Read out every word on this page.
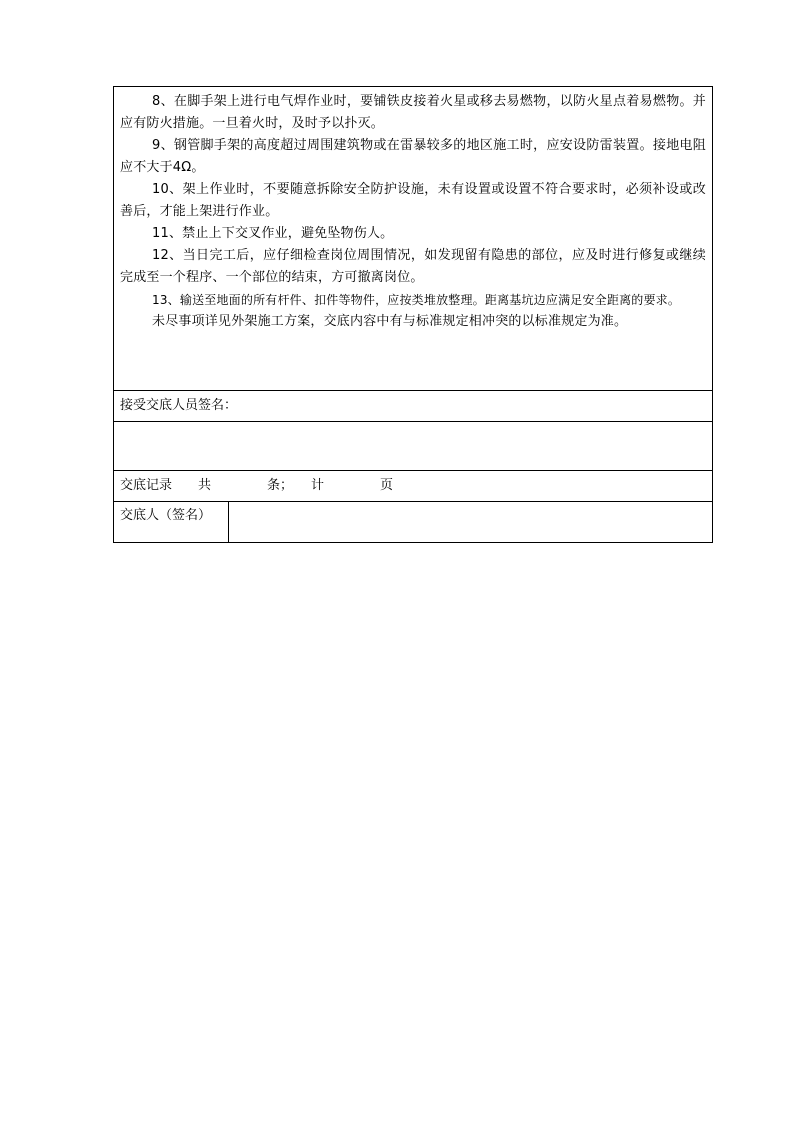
8、在脚手架上进行电气焊作业时，要铺铁皮接着火星或移去易燃物，以防火星点着易燃物。并应有防火措施。一旦着火时，及时予以扑灭。

9、钢管脚手架的高度超过周围建筑物或在雷暴较多的地区施工时，应安设防雷装置。接地电阻应不大于4Ω。

10、架上作业时，不要随意拆除安全防护设施，未有设置或设置不符合要求时，必须补设或改善后，才能上架进行作业。

11、禁止上下交叉作业，避免坠物伤人。

12、当日完工后，应仔细检查岗位周围情况，如发现留有隐患的部位，应及时进行修复或继续完成至一个程序、一个部位的结束，方可撤离岗位。

13、输送至地面的所有杆件、扣件等物件，应按类堆放整理。距离基坑边应满足安全距离的要求。

未尽事项详见外架施工方案，交底内容中有与标准规定相冲突的以标准规定为准。

接受交底人员签名：
交底记录 共	条； 计	页
交底人（签名）
